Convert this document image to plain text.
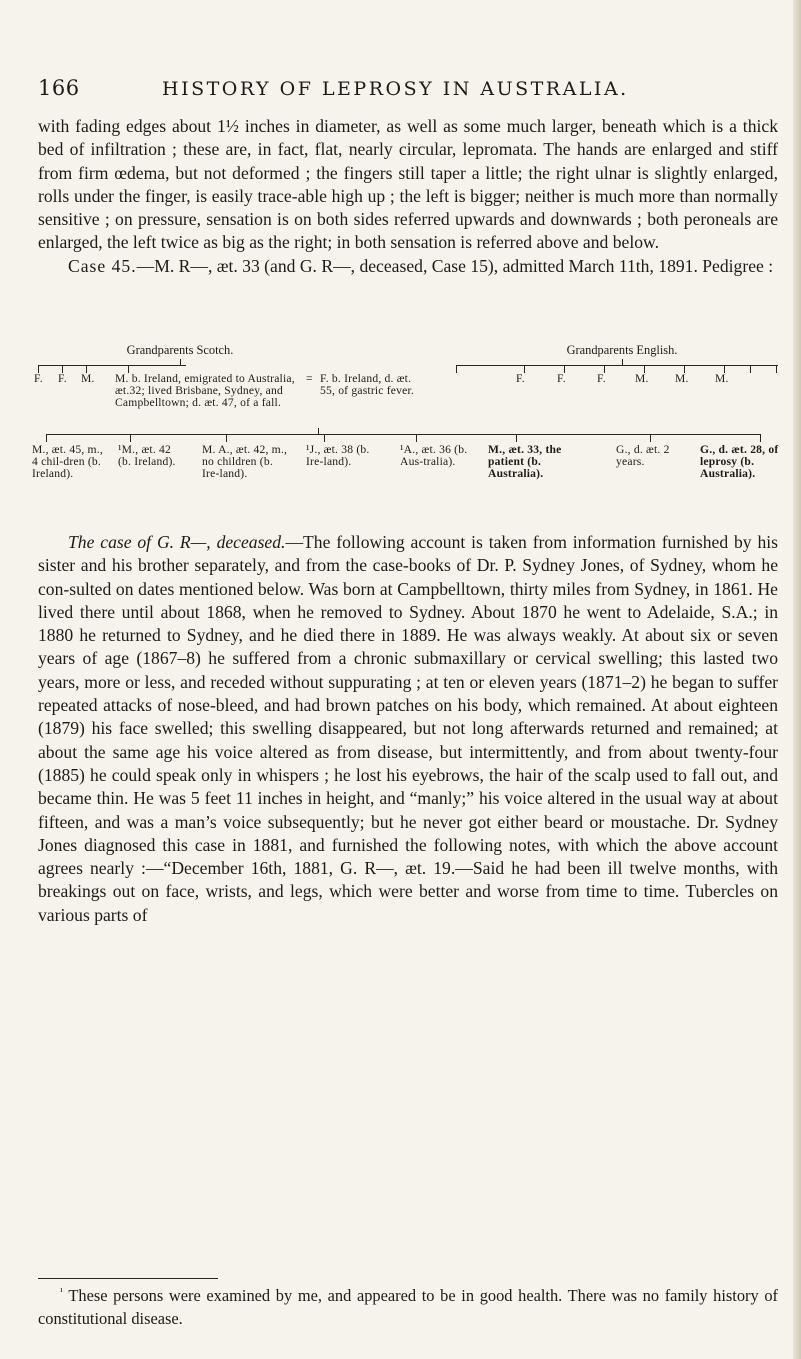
166	HISTORY OF LEPROSY IN AUSTRALIA.

with fading edges about 1½ inches in diameter, as well as some much larger, beneath which is a thick bed of infiltration ; these are, in fact, flat, nearly circular, lepromata. The hands are enlarged and stiff from firm œdema, but not deformed ; the fingers still taper a little; the right ulnar is slightly enlarged, rolls under the finger, is easily trace-able high up ; the left is bigger; neither is much more than normally sensitive ; on pressure, sensation is on both sides referred upwards and downwards ; both peroneals are enlarged, the left twice as big as the right; in both sensation is referred above and below.

Case 45.—M. R—, æt. 33 (and G. R—, deceased, Case 15), admitted March 11th, 1891. Pedigree :

Grandparents Scotch.	Grandparents English.
F. F. M. M. b. Ireland, emigrated to Australia, æt.32; lived Brisbane, Sydney, and Campbelltown; d. æt. 47, of a fall.
= F. b. Ireland, d. æt. 55, of gastric fever.
F.	F.	F.	M. M. M.
M., æt. 45, m., 4 chil-dren (b. Ireland).
¹M., æt. 42 (b. Ireland).
M. A., æt. 42, m., no children (b. Ire-land).
¹J., æt. 38 (b. Ire-land).
¹A., æt. 36 (b. Aus-tralia).
M., æt. 33, the patient (b. Australia).
G., d. æt. 2 years.
G., d. æt. 28, of leprosy (b. Australia).

The case of G. R—, deceased.—The following account is taken from information furnished by his sister and his brother separately, and from the case-books of Dr. P. Sydney Jones, of Sydney, whom he con-sulted on dates mentioned below. Was born at Campbelltown, thirty miles from Sydney, in 1861. He lived there until about 1868, when he removed to Sydney. About 1870 he went to Adelaide, S.A.; in 1880 he returned to Sydney, and he died there in 1889. He was always weakly. At about six or seven years of age (1867–8) he suffered from a chronic submaxillary or cervical swelling; this lasted two years, more or less, and receded without suppurating ; at ten or eleven years (1871–2) he began to suffer repeated attacks of nose-bleed, and had brown patches on his body, which remained. At about eighteen (1879) his face swelled; this swelling disappeared, but not long afterwards returned and remained; at about the same age his voice altered as from disease, but intermittently, and from about twenty-four (1885) he could speak only in whispers ; he lost his eyebrows, the hair of the scalp used to fall out, and became thin. He was 5 feet 11 inches in height, and “manly;” his voice altered in the usual way at about fifteen, and was a man’s voice subsequently; but he never got either beard or moustache. Dr. Sydney Jones diagnosed this case in 1881, and furnished the following notes, with which the above account agrees nearly :—“December 16th, 1881, G. R—, æt. 19.—Said he had been ill twelve months, with breakings out on face, wrists, and legs, which were better and worse from time to time. Tubercles on various parts of

$^{^1}$ These persons were examined by me, and appeared to be in good health. There was no family history of constitutional disease.
